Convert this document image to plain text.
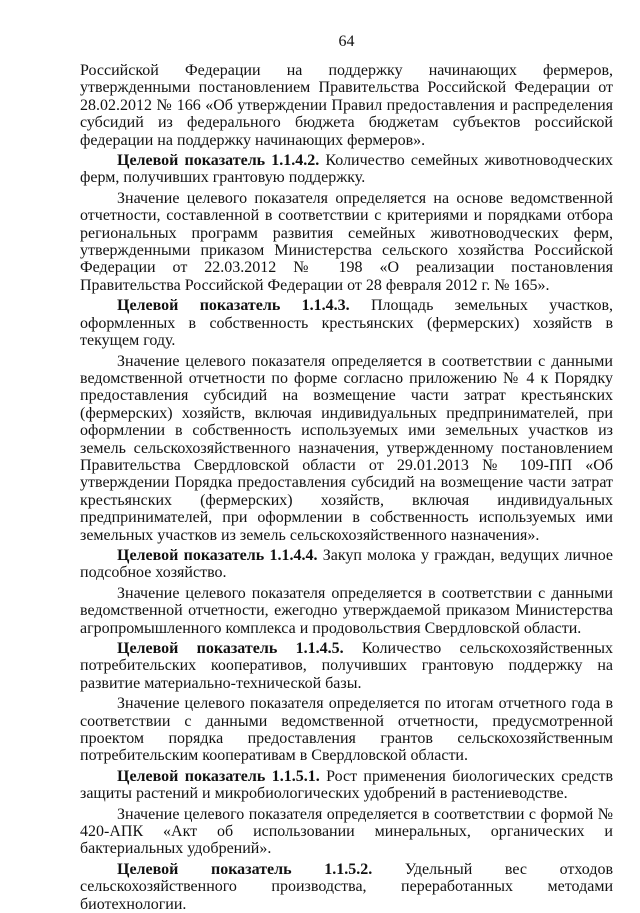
64

Российской Федерации на поддержку начинающих фермеров, утвержденными постановлением Правительства Российской Федерации от 28.02.2012 № 166 «Об утверждении Правил предоставления и распределения субсидий из федерального бюджета бюджетам субъектов российской федерации на поддержку начинающих фермеров».

Целевой показатель 1.1.4.2. Количество семейных животноводческих ферм, получивших грантовую поддержку.

Значение целевого показателя определяется на основе ведомственной отчетности, составленной в соответствии с критериями и порядками отбора региональных программ развития семейных животноводческих ферм, утвержденными приказом Министерства сельского хозяйства Российской Федерации от 22.03.2012 № 198 «О реализации постановления Правительства Российской Федерации от 28 февраля 2012 г. № 165».

Целевой показатель 1.1.4.3. Площадь земельных участков, оформленных в собственность крестьянских (фермерских) хозяйств в текущем году.

Значение целевого показателя определяется в соответствии с данными ведомственной отчетности по форме согласно приложению № 4 к Порядку предоставления субсидий на возмещение части затрат крестьянских (фермерских) хозяйств, включая индивидуальных предпринимателей, при оформлении в собственность используемых ими земельных участков из земель сельскохозяйственного назначения, утвержденному постановлением Правительства Свердловской области от 29.01.2013 № 109-ПП «Об утверждении Порядка предоставления субсидий на возмещение части затрат крестьянских (фермерских) хозяйств, включая индивидуальных предпринимателей, при оформлении в собственность используемых ими земельных участков из земель сельскохозяйственного назначения».

Целевой показатель 1.1.4.4. Закуп молока у граждан, ведущих личное подсобное хозяйство.

Значение целевого показателя определяется в соответствии с данными ведомственной отчетности, ежегодно утверждаемой приказом Министерства агропромышленного комплекса и продовольствия Свердловской области.

Целевой показатель 1.1.4.5. Количество сельскохозяйственных потребительских кооперативов, получивших грантовую поддержку на развитие материально-технической базы.

Значение целевого показателя определяется по итогам отчетного года в соответствии с данными ведомственной отчетности, предусмотренной проектом порядка предоставления грантов сельскохозяйственным потребительским кооперативам в Свердловской области.

Целевой показатель 1.1.5.1. Рост применения биологических средств защиты растений и микробиологических удобрений в растениеводстве.

Значение целевого показателя определяется в соответствии с формой № 420-АПК «Акт об использовании минеральных, органических и бактериальных удобрений».

Целевой показатель 1.1.5.2. Удельный вес отходов сельскохозяйственного производства, переработанных методами биотехнологии.
